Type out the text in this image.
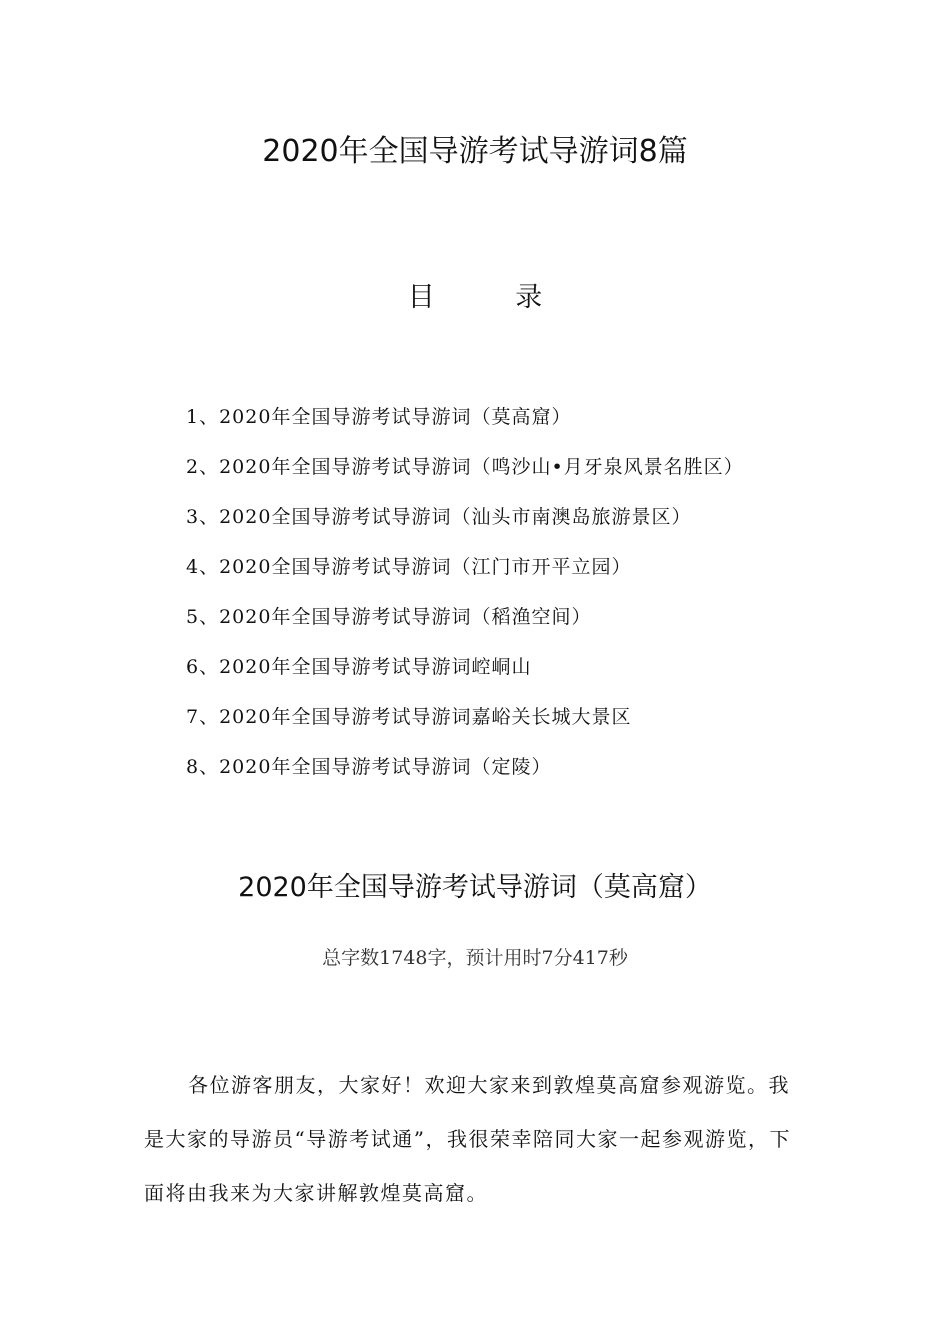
2020年全国导游考试导游词8篇
目 录
1、2020年全国导游考试导游词（莫高窟）
2、2020年全国导游考试导游词（鸣沙山•月牙泉风景名胜区）
3、2020全国导游考试导游词（汕头市南澳岛旅游景区）
4、2020全国导游考试导游词（江门市开平立园）
5、2020年全国导游考试导游词（稻渔空间）
6、2020年全国导游考试导游词崆峒山
7、2020年全国导游考试导游词嘉峪关长城大景区
8、2020年全国导游考试导游词（定陵）
2020年全国导游考试导游词（莫高窟）
总字数1748字，预计用时7分417秒

各位游客朋友，大家好！欢迎大家来到敦煌莫高窟参观游览。我是大家的导游员“导游考试通”，我很荣幸陪同大家一起参观游览，下面将由我来为大家讲解敦煌莫高窟。
